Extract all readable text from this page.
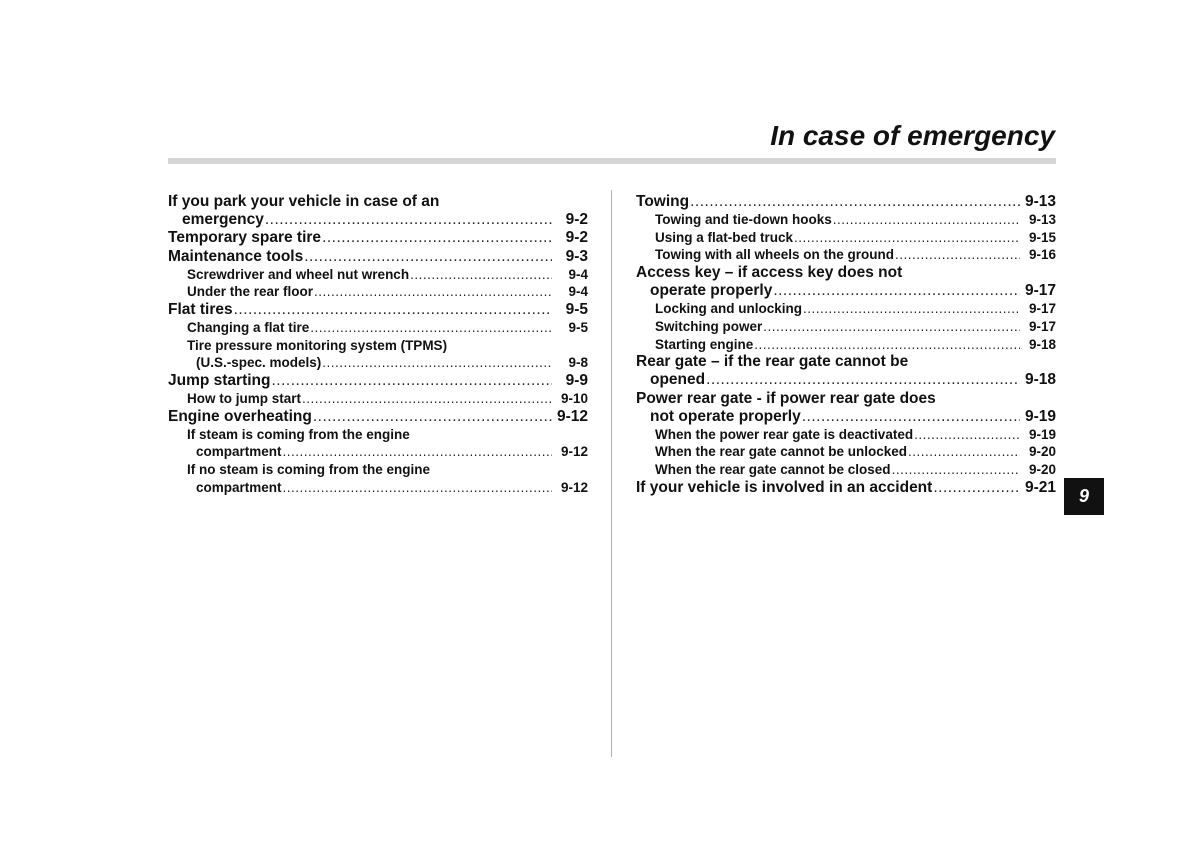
In case of emergency
If you park your vehicle in case of an
emergency .....	9-2
Temporary spare tire .....	9-2
Maintenance tools .....	9-3
Screwdriver and wheel nut wrench .....	9-4
Under the rear floor .....	9-4
Flat tires .....	9-5
Changing a flat tire .....	9-5
Tire pressure monitoring system (TPMS)
(U.S.-spec. models) .....	9-8
Jump starting .....	9-9
How to jump start .....	9-10
Engine overheating .....	9-12
If steam is coming from the engine
compartment .....	9-12
If no steam is coming from the engine
compartment .....	9-12
Towing .....	9-13
Towing and tie-down hooks .....	9-13
Using a flat-bed truck .....	9-15
Towing with all wheels on the ground .....	9-16
Access key – if access key does not
operate properly .....	9-17
Locking and unlocking .....	9-17
Switching power .....	9-17
Starting engine .....	9-18
Rear gate – if the rear gate cannot be
opened .....	9-18
Power rear gate - if power rear gate does
not operate properly .....	9-19
When the power rear gate is deactivated .....	9-19
When the rear gate cannot be unlocked .....	9-20
When the rear gate cannot be closed .....	9-20
If your vehicle is involved in an accident .....	9-21	9
